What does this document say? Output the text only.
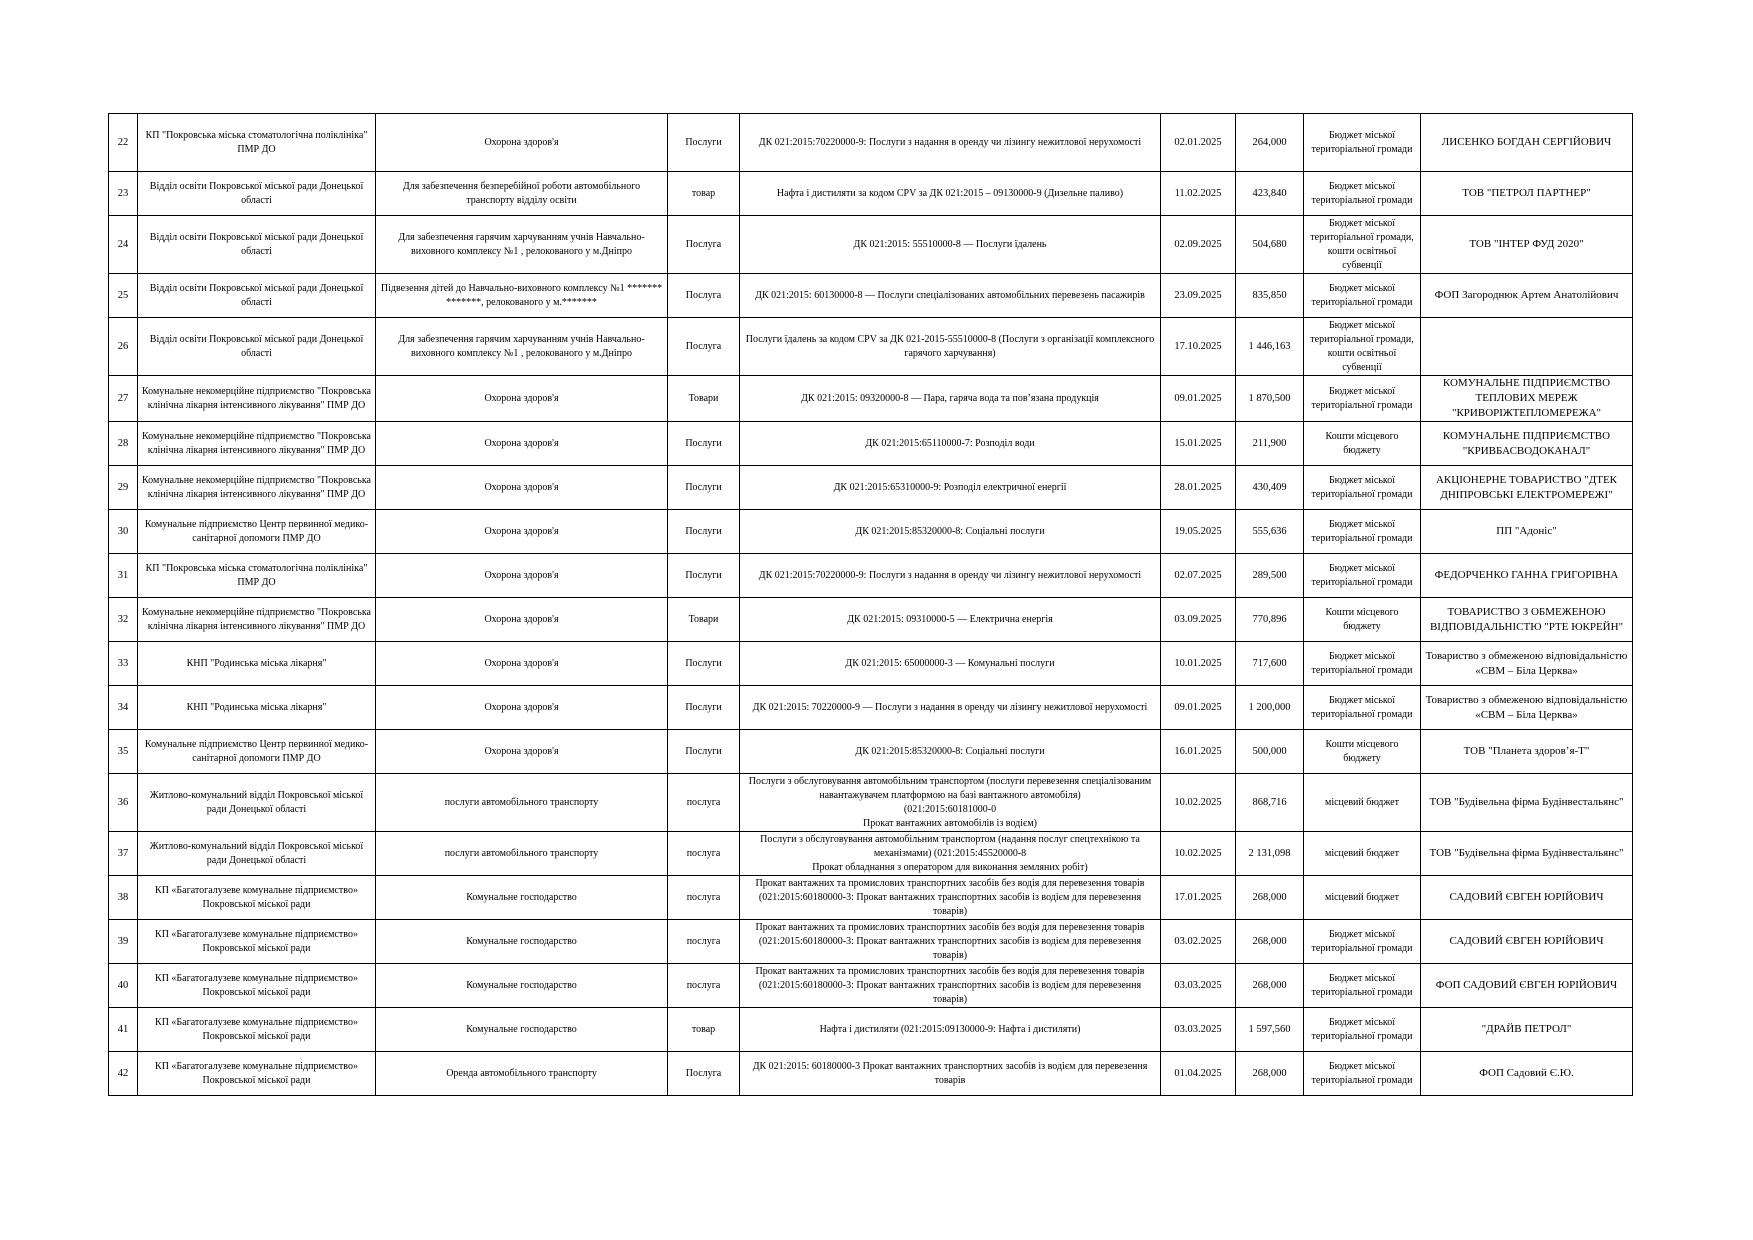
22	КП "Покровська міська стоматологічна поліклініка" ПМР ДО	Охорона здоров'я	Послуги	ДК 021:2015:70220000-9: Послуги з надання в оренду чи лізингу нежитлової нерухомості	02.01.2025	264,000	Бюджет міської територіальної громади	ЛИСЕНКО БОГДАН СЕРГІЙОВИЧ
23	Відділ освіти Покровської міської ради Донецької області	Для забезпечення безперебійної роботи автомобільного транспорту відділу освіти	товар	Нафта і дистиляти за кодом CPV за ДК 021:2015 – 09130000-9 (Дизельне паливо)	11.02.2025	423,840	Бюджет міської територіальної громади	ТОВ "ПЕТРОЛ ПАРТНЕР"
24	Відділ освіти Покровської міської ради Донецької області	Для забезпечення гарячим харчуванням учнів Навчально-виховного комплексу №1 , релокованого у м.Дніпро	Послуга	ДК 021:2015: 55510000-8 — Послуги їдалень	02.09.2025	504,680	Бюджет міської територіальної громади, кошти освітньої субвенції	ТОВ "ІНТЕР ФУД 2020"
25	Відділ освіти Покровської міської ради Донецької області	Підвезення дітей до Навчально-виховного комплексу №1 ******* *******, релокованого у м.*******	Послуга	ДК 021:2015: 60130000-8 — Послуги спеціалізованих автомобільних перевезень пасажирів	23.09.2025	835,850	Бюджет міської територіальної громади	ФОП Загороднюк Артем Анатолійович
26	Відділ освіти Покровської міської ради Донецької області	Для забезпечення гарячим харчуванням учнів Навчально-виховного комплексу №1 , релокованого у м.Дніпро	Послуга	Послуги їдалень за кодом CPV за ДК 021-2015-55510000-8 (Послуги з організації комплексного гарячого харчування)	17.10.2025	1 446,163	Бюджет міської територіальної громади, кошти освітньої субвенції	
27	Комунальне некомерційне підприємство "Покровська клінічна лікарня інтенсивного лікування" ПМР ДО	Охорона здоров'я	Товари	ДК 021:2015: 09320000-8 — Пара, гаряча вода та пов’язана продукція	09.01.2025	1 870,500	Бюджет міської територіальної громади	КОМУНАЛЬНЕ ПІДПРИЄМСТВО ТЕПЛОВИХ МЕРЕЖ "КРИВОРІЖТЕПЛОМЕРЕЖА"
28	Комунальне некомерційне підприємство "Покровська клінічна лікарня інтенсивного лікування" ПМР ДО	Охорона здоров'я	Послуги	ДК 021:2015:65110000-7: Розподіл води	15.01.2025	211,900	Кошти місцевого бюджету	КОМУНАЛЬНЕ ПІДПРИЄМСТВО "КРИВБАСВОДОКАНАЛ"
29	Комунальне некомерційне підприємство "Покровська клінічна лікарня інтенсивного лікування" ПМР ДО	Охорона здоров'я	Послуги	ДК 021:2015:65310000-9: Розподіл електричної енергії	28.01.2025	430,409	Бюджет міської територіальної громади	АКЦІОНЕРНЕ ТОВАРИСТВО "ДТЕК ДНІПРОВСЬКІ ЕЛЕКТРОМЕРЕЖІ"
30	Комунальне підприємство Центр первинної медико-санітарної допомоги ПМР ДО	Охорона здоров'я	Послуги	ДК 021:2015:85320000-8: Соціальні послуги	19.05.2025	555,636	Бюджет міської територіальної громади	ПП "Адоніс"
31	КП "Покровська міська стоматологічна поліклініка" ПМР ДО	Охорона здоров'я	Послуги	ДК 021:2015:70220000-9: Послуги з надання в оренду чи лізингу нежитлової нерухомості	02.07.2025	289,500	Бюджет міської територіальної громади	ФЕДОРЧЕНКО ГАННА ГРИГОРІВНА
32	Комунальне некомерційне підприємство "Покровська клінічна лікарня інтенсивного лікування" ПМР ДО	Охорона здоров'я	Товари	ДК 021:2015: 09310000-5 — Електрична енергія	03.09.2025	770,896	Кошти місцевого бюджету	ТОВАРИСТВО З ОБМЕЖЕНОЮ ВІДПОВІДАЛЬНІСТЮ "РТЕ ЮКРЕЙН"
33	КНП "Родинська міська лікарня"	Охорона здоров'я	Послуги	ДК 021:2015: 65000000-3 — Комунальні послуги	10.01.2025	717,600	Бюджет міської територіальної громади	Товариство з обмеженою відповідальністю «СВМ – Біла Церква»
34	КНП "Родинська міська лікарня"	Охорона здоров'я	Послуги	ДК 021:2015: 70220000-9 — Послуги з надання в оренду чи лізингу нежитлової нерухомості	09.01.2025	1 200,000	Бюджет міської територіальної громади	Товариство з обмеженою відповідальністю «СВМ – Біла Церква»
35	Комунальне підприємство Центр первинної медико-санітарної допомоги ПМР ДО	Охорона здоров'я	Послуги	ДК 021:2015:85320000-8: Соціальні послуги	16.01.2025	500,000	Кошти місцевого бюджету	ТОВ "Планета здоров’я-Т"
36	Житлово-комунальний відділ Покровської міської ради Донецької області	послуги автомобільного транспорту	послуга	Послуги з обслуговування автомобільним транспортом (послуги перевезення спеціалізованим навантажувачем платформою на базі вантажного автомобіля)
(021:2015:60181000-0
Прокат вантажних автомобілів із водієм)	10.02.2025	868,716	місцевий бюджет	ТОВ "Будівельна фірма Будінвестальянс"
37	Житлово-комунальний відділ Покровської міської ради Донецької області	послуги автомобільного транспорту	послуга	Послуги з обслуговування автомобільним транспортом (надання послуг спецтехнікою та механізмами) (021:2015:45520000-8
Прокат обладнання з оператором для виконання земляних робіт)	10.02.2025	2 131,098	місцевий бюджет	ТОВ "Будівельна фірма Будінвестальянс"
38	КП «Багатогалузеве комунальне підприємство» Покровської міської ради	Комунальне господарство	послуга	Прокат вантажних та промислових транспортних засобів без водія для перевезення товарів (021:2015:60180000-3: Прокат вантажних транспортних засобів із водієм для перевезення товарів)	17.01.2025	268,000	місцевий бюджет	САДОВИЙ ЄВГЕН ЮРІЙОВИЧ
39	КП «Багатогалузеве комунальне підприємство» Покровської міської ради	Комунальне господарство	послуга	Прокат вантажних та промислових транспортних засобів без водія для перевезення товарів (021:2015:60180000-3: Прокат вантажних транспортних засобів із водієм для перевезення товарів)	03.02.2025	268,000	Бюджет міської територіальної громади	САДОВИЙ ЄВГЕН ЮРІЙОВИЧ
40	КП «Багатогалузеве комунальне підприємство» Покровської міської ради	Комунальне господарство	послуга	Прокат вантажних та промислових транспортних засобів без водія для перевезення товарів (021:2015:60180000-3: Прокат вантажних транспортних засобів із водієм для перевезення товарів)	03.03.2025	268,000	Бюджет міської територіальної громади	ФОП САДОВИЙ ЄВГЕН ЮРІЙОВИЧ
41	КП «Багатогалузеве комунальне підприємство» Покровської міської ради	Комунальне господарство	товар	Нафта і дистиляти (021:2015:09130000-9: Нафта і дистиляти)	03.03.2025	1 597,560	Бюджет міської територіальної громади	"ДРАЙВ ПЕТРОЛ"
42	КП «Багатогалузеве комунальне підприємство» Покровської міської ради	Оренда автомобільного транспорту	Послуга	ДК 021:2015: 60180000-3 Прокат вантажних транспортних засобів із водієм для перевезення товарів	01.04.2025	268,000	Бюджет міської територіальної громади	ФОП Садовий Є.Ю.
